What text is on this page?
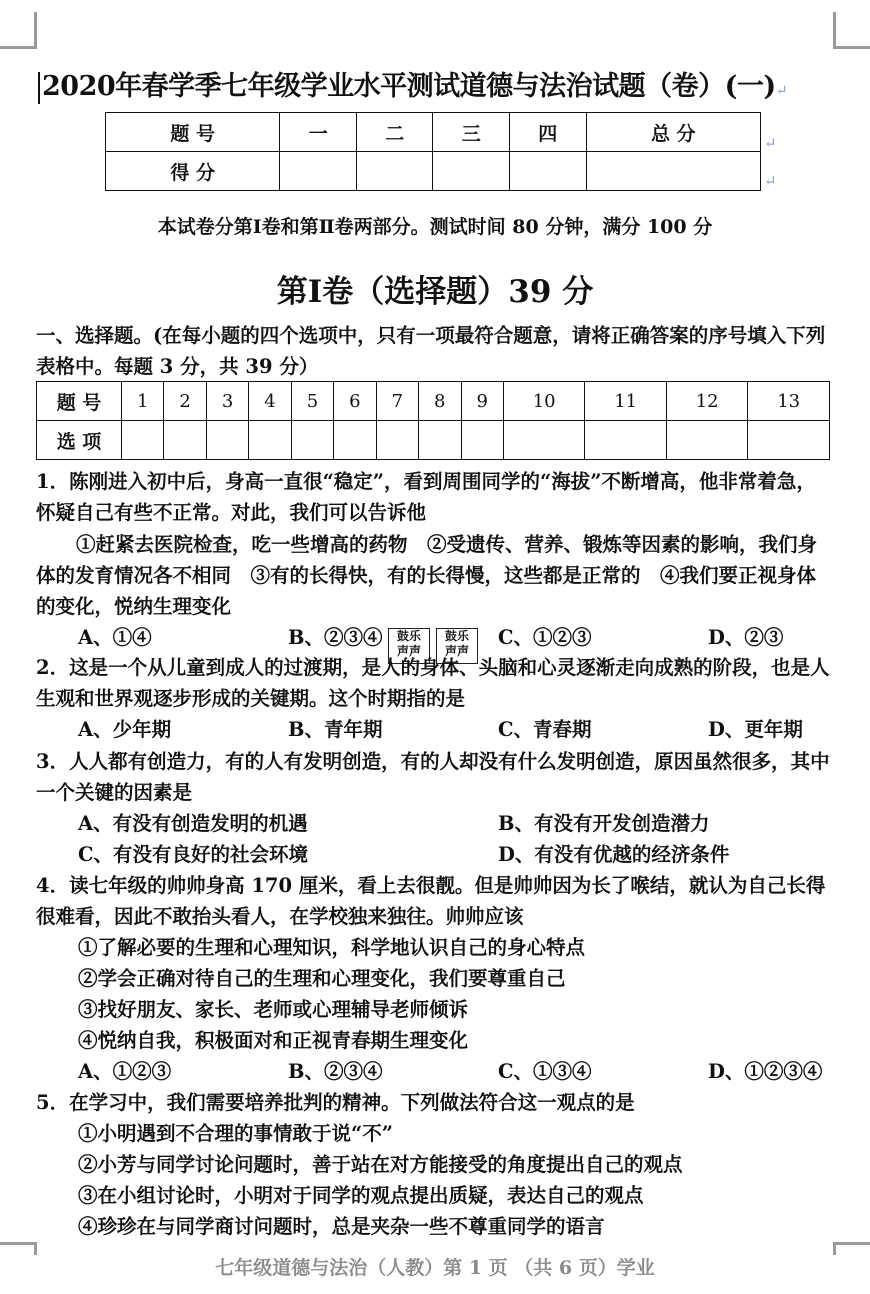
2020年春学季七年级学业水平测试道德与法治试题（卷）(一)↵
题 号	一	二	三	四	总 分
得 分					
↵
↵
本试卷分第Ⅰ卷和第Ⅱ卷两部分。测试时间 80 分钟，满分 100 分
第Ⅰ卷（选择题）39 分
一、选择题。(在每小题的四个选项中，只有一项最符合题意，请将正确答案的序号填入下列表格中。每题 3 分，共 39 分）
题 号	1	2	3	4	5	6	7	8	9	10	11	12	13
选 项													
1．陈刚进入初中后，身高一直很“稳定”，看到周围同学的“海拔”不断增高，他非常着急，怀疑自己有些不正常。对此，我们可以告诉他
①赶紧去医院检查，吃一些增高的药物　②受遗传、营养、锻炼等因素的影响，我们身体的发育情况各不相同　③有的长得快，有的长得慢，这些都是正常的　④我们要正视身体的变化，悦纳生理变化
A、①④	B、②③④	C、①②③	D、②③
鼓乐
声声
鼓乐
声声
2．这是一个从儿童到成人的过渡期，是人的身体、头脑和心灵逐渐走向成熟的阶段，也是人生观和世界观逐步形成的关键期。这个时期指的是
A、少年期	B、青年期	C、青春期	D、更年期
3．人人都有创造力，有的人有发明创造，有的人却没有什么发明创造，原因虽然很多，其中一个关键的因素是
A、有没有创造发明的机遇	B、有没有开发创造潜力
C、有没有良好的社会环境	D、有没有优越的经济条件
4．读七年级的帅帅身高 170 厘米，看上去很靓。但是帅帅因为长了喉结，就认为自己长得很难看，因此不敢抬头看人，在学校独来独往。帅帅应该
①了解必要的生理和心理知识，科学地认识自己的身心特点
②学会正确对待自己的生理和心理变化，我们要尊重自己
③找好朋友、家长、老师或心理辅导老师倾诉
④悦纳自我，积极面对和正视青春期生理变化
A、①②③	B、②③④	C、①③④	D、①②③④
5．在学习中，我们需要培养批判的精神。下列做法符合这一观点的是
①小明遇到不合理的事情敢于说“不”
②小芳与同学讨论问题时，善于站在对方能接受的角度提出自己的观点
③在小组讨论时，小明对于同学的观点提出质疑，表达自己的观点
④珍珍在与同学商讨问题时，总是夹杂一些不尊重同学的语言
七年级道德与法治（人教）第 1 页 （共 6 页）学业
